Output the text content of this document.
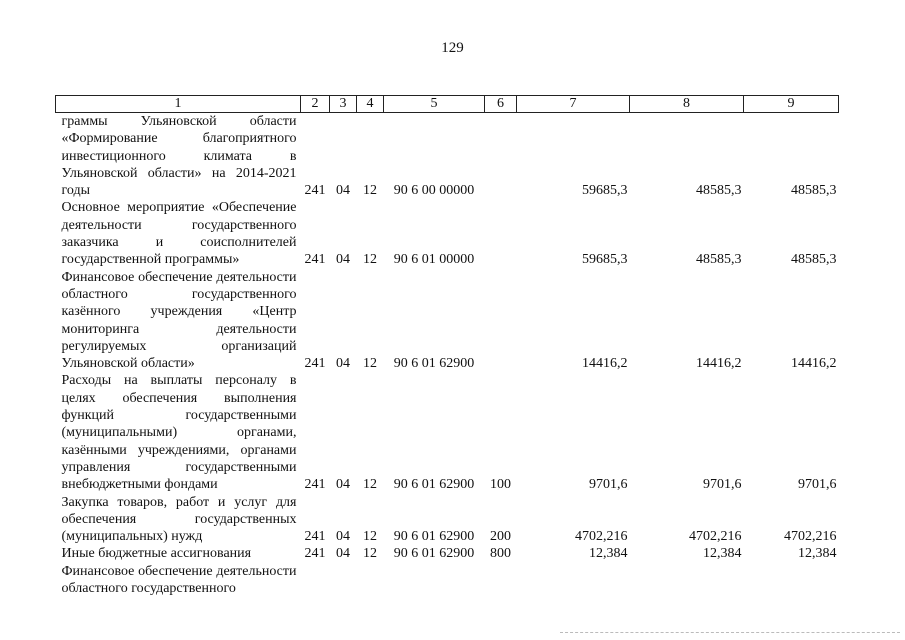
129
1	2	3	4	5	6	7	8	9
граммы Ульяновской области «Формирование благоприятного инвестиционного климата в Ульяновской области» на 2014-2021 годы	241	04	12	90 6 00 00000		59685,3	48585,3	48585,3
Основное мероприятие «Обеспечение деятельности государственного заказчика и соисполнителей государственной программы»	241	04	12	90 6 01 00000		59685,3	48585,3	48585,3
Финансовое обеспечение деятельности областного государственного казённого учреждения «Центр мониторинга деятельности регулируемых организаций Ульяновской области»	241	04	12	90 6 01 62900		14416,2	14416,2	14416,2
Расходы на выплаты персоналу в целях обеспечения выполнения функций государственными (муниципальными) органами, казёнными учреждениями, органами управления государственными внебюджетными фондами	241	04	12	90 6 01 62900	100	9701,6	9701,6	9701,6
Закупка товаров, работ и услуг для обеспечения государственных (муниципальных) нужд	241	04	12	90 6 01 62900	200	4702,216	4702,216	4702,216
Иные бюджетные ассигнования	241	04	12	90 6 01 62900	800	12,384	12,384	12,384
Финансовое обеспечение деятельности областного государственного								
